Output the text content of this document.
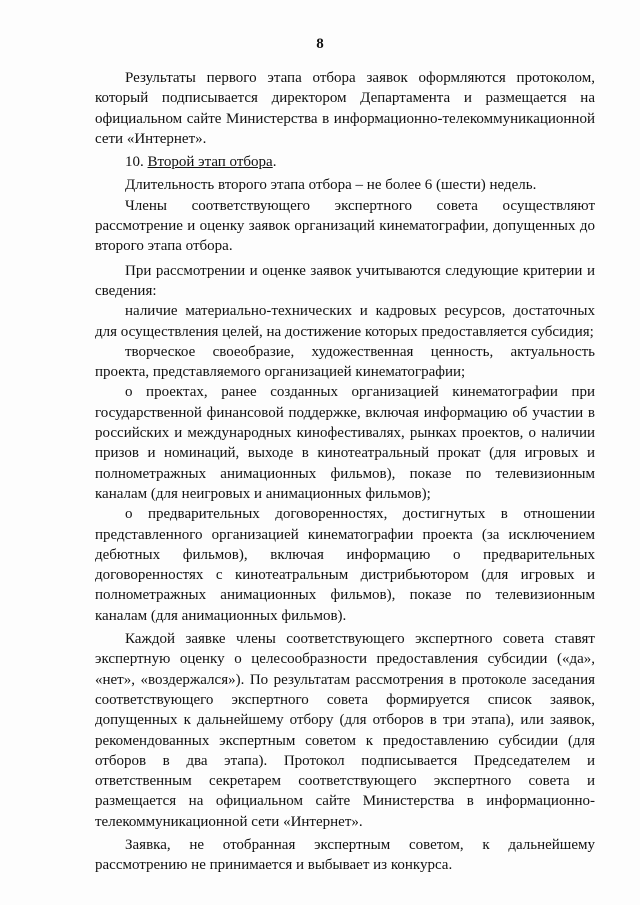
8

Результаты первого этапа отбора заявок оформляются протоколом, который подписывается директором Департамента и размещается на официальном сайте Министерства в информационно-телекоммуникационной сети «Интернет».

10. Второй этап отбора.

Длительность второго этапа отбора – не более 6 (шести) недель.

Члены соответствующего экспертного совета осуществляют рассмотрение и оценку заявок организаций кинематографии, допущенных до второго этапа отбора.

При рассмотрении и оценке заявок учитываются следующие критерии и сведения:

наличие материально-технических и кадровых ресурсов, достаточных для осуществления целей, на достижение которых предоставляется субсидия;

творческое своеобразие, художественная ценность, актуальность проекта, представляемого организацией кинематографии;

о проектах, ранее созданных организацией кинематографии при государственной финансовой поддержке, включая информацию об участии в российских и международных кинофестивалях, рынках проектов, о наличии призов и номинаций, выходе в кинотеатральный прокат (для игровых и полнометражных анимационных фильмов), показе по телевизионным каналам (для неигровых и анимационных фильмов);

о предварительных договоренностях, достигнутых в отношении представленного организацией кинематографии проекта (за исключением дебютных фильмов), включая информацию о предварительных договоренностях с кинотеатральным дистрибьютором (для игровых и полнометражных анимационных фильмов), показе по телевизионным каналам (для анимационных фильмов).

Каждой заявке члены соответствующего экспертного совета ставят экспертную оценку о целесообразности предоставления субсидии («да», «нет», «воздержался»). По результатам рассмотрения в протоколе заседания соответствующего экспертного совета формируется список заявок, допущенных к дальнейшему отбору (для отборов в три этапа), или заявок, рекомендованных экспертным советом к предоставлению субсидии (для отборов в два этапа). Протокол подписывается Председателем и ответственным секретарем соответствующего экспертного совета и размещается на официальном сайте Министерства в информационно-телекоммуникационной сети «Интернет».

Заявка, не отобранная экспертным советом, к дальнейшему рассмотрению не принимается и выбывает из конкурса.
